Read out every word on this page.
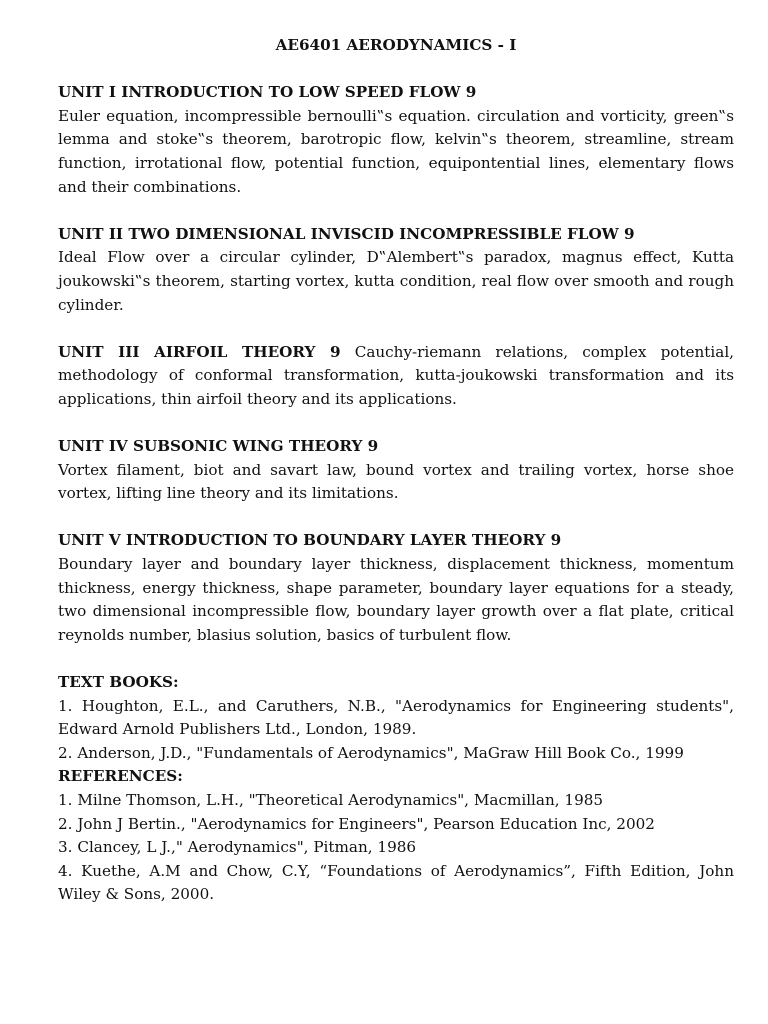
AE6401 AERODYNAMICS - I
UNIT I INTRODUCTION TO LOW SPEED FLOW 9
Euler equation, incompressible bernoulli‟s equation. circulation and vorticity, green‟s lemma and stoke‟s theorem, barotropic flow, kelvin‟s theorem, streamline, stream function, irrotational flow, potential function, equipontential lines, elementary flows and their combinations.
UNIT II TWO DIMENSIONAL INVISCID INCOMPRESSIBLE FLOW 9
Ideal Flow over a circular cylinder, D‟Alembert‟s paradox, magnus effect, Kutta joukowski‟s theorem, starting vortex, kutta condition, real flow over smooth and rough cylinder.
UNIT III AIRFOIL THEORY 9 Cauchy-riemann relations, complex potential, methodology of conformal transformation, kutta-joukowski transformation and its applications, thin airfoil theory and its applications.
UNIT IV SUBSONIC WING THEORY 9
Vortex filament, biot and savart law, bound vortex and trailing vortex, horse shoe vortex, lifting line theory and its limitations.
UNIT V INTRODUCTION TO BOUNDARY LAYER THEORY 9
Boundary layer and boundary layer thickness, displacement thickness, momentum thickness, energy thickness, shape parameter, boundary layer equations for a steady, two dimensional incompressible flow, boundary layer growth over a flat plate, critical reynolds number, blasius solution, basics of turbulent flow.
TEXT BOOKS:
1. Houghton, E.L., and Caruthers, N.B., "Aerodynamics for Engineering students", Edward Arnold Publishers Ltd., London, 1989.
2. Anderson, J.D., "Fundamentals of Aerodynamics", MaGraw Hill Book Co., 1999
REFERENCES:
1. Milne Thomson, L.H., "Theoretical Aerodynamics", Macmillan, 1985
2. John J Bertin., "Aerodynamics for Engineers", Pearson Education Inc, 2002
3. Clancey, L J.," Aerodynamics", Pitman, 1986
4. Kuethe, A.M and Chow, C.Y, “Foundations of Aerodynamics”, Fifth Edition, John Wiley & Sons, 2000.
